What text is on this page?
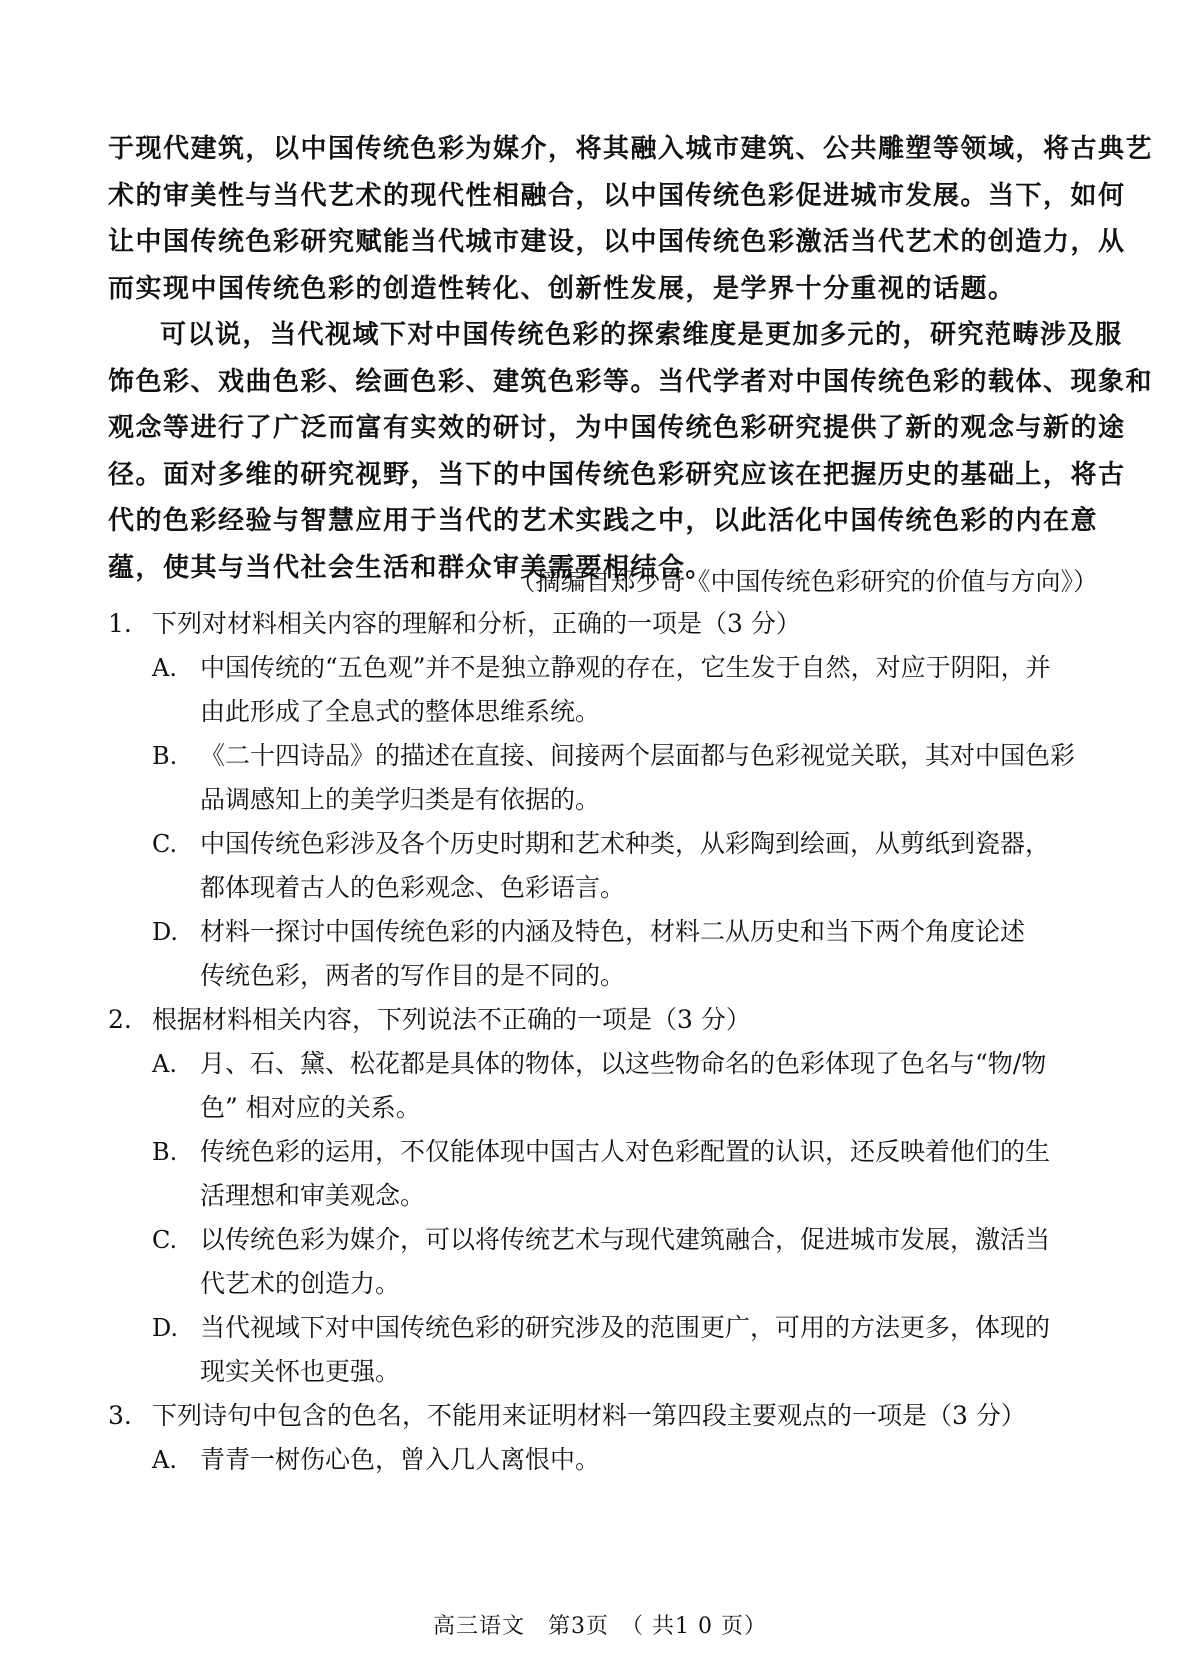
于现代建筑，以中国传统色彩为媒介，将其融入城市建筑、公共雕塑等领域，将古典艺
术的审美性与当代艺术的现代性相融合，以中国传统色彩促进城市发展。当下，如何
让中国传统色彩研究赋能当代城市建设，以中国传统色彩激活当代艺术的创造力，从
而实现中国传统色彩的创造性转化、创新性发展，是学界十分重视的话题。
可以说，当代视域下对中国传统色彩的探索维度是更加多元的，研究范畴涉及服
饰色彩、戏曲色彩、绘画色彩、建筑色彩等。当代学者对中国传统色彩的载体、现象和
观念等进行了广泛而富有实效的研讨，为中国传统色彩研究提供了新的观念与新的途
径。面对多维的研究视野，当下的中国传统色彩研究应该在把握历史的基础上，将古
代的色彩经验与智慧应用于当代的艺术实践之中，以此活化中国传统色彩的内在意
蕴，使其与当代社会生活和群众审美需要相结合。
（摘编自郑少奇《中国传统色彩研究的价值与方向》）
1. 下列对材料相关内容的理解和分析，正确的一项是（3 分）
A. 中国传统的“五色观”并不是独立静观的存在，它生发于自然，对应于阴阳，并
由此形成了全息式的整体思维系统。
B. 《二十四诗品》的描述在直接、间接两个层面都与色彩视觉关联，其对中国色彩
品调感知上的美学归类是有依据的。
C. 中国传统色彩涉及各个历史时期和艺术种类，从彩陶到绘画，从剪纸到瓷器，
都体现着古人的色彩观念、色彩语言。
D. 材料一探讨中国传统色彩的内涵及特色，材料二从历史和当下两个角度论述
传统色彩，两者的写作目的是不同的。
2. 根据材料相关内容，下列说法不正确的一项是（3 分）
A. 月、石、黛、松花都是具体的物体，以这些物命名的色彩体现了色名与“物/物
色” 相对应的关系。
B. 传统色彩的运用，不仅能体现中国古人对色彩配置的认识，还反映着他们的生
活理想和审美观念。
C. 以传统色彩为媒介，可以将传统艺术与现代建筑融合，促进城市发展，激活当
代艺术的创造力。
D. 当代视域下对中国传统色彩的研究涉及的范围更广，可用的方法更多，体现的
现实关怀也更强。
3. 下列诗句中包含的色名，不能用来证明材料一第四段主要观点的一项是（3 分）
A. 青青一树伤心色，曾入几人离恨中。
高三语文　第3页　（ 共1 0 页）
